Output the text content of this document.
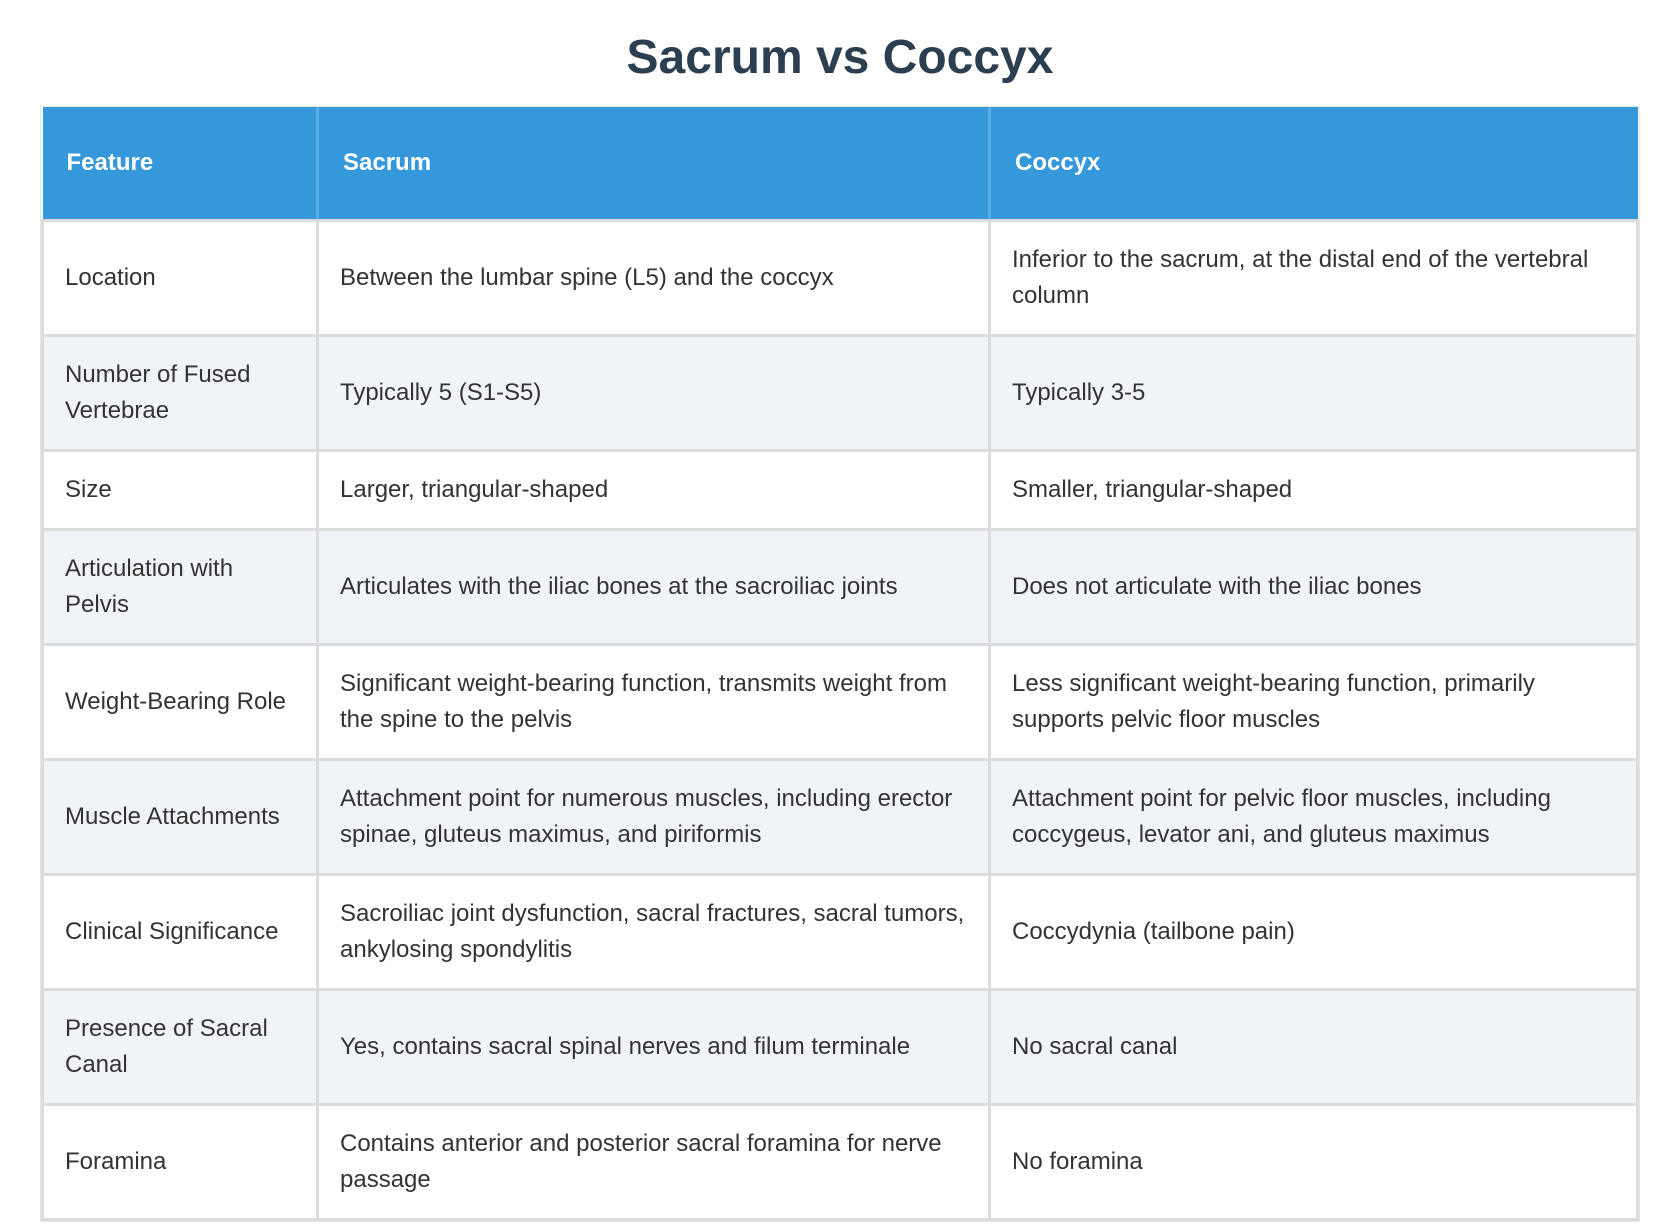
Sacrum vs Coccyx
Feature	Sacrum	Coccyx
Location	Between the lumbar spine (L5) and the coccyx	Inferior to the sacrum, at the distal end of the vertebral column
Number of Fused Vertebrae	Typically 5 (S1-S5)	Typically 3-5
Size	Larger, triangular-shaped	Smaller, triangular-shaped
Articulation with Pelvis	Articulates with the iliac bones at the sacroiliac joints	Does not articulate with the iliac bones
Weight-Bearing Role	Significant weight-bearing function, transmits weight from the spine to the pelvis	Less significant weight-bearing function, primarily supports pelvic floor muscles
Muscle Attachments	Attachment point for numerous muscles, including erector spinae, gluteus maximus, and piriformis	Attachment point for pelvic floor muscles, including coccygeus, levator ani, and gluteus maximus
Clinical Significance	Sacroiliac joint dysfunction, sacral fractures, sacral tumors, ankylosing spondylitis	Coccydynia (tailbone pain)
Presence of Sacral Canal	Yes, contains sacral spinal nerves and filum terminale	No sacral canal
Foramina	Contains anterior and posterior sacral foramina for nerve passage	No foramina
